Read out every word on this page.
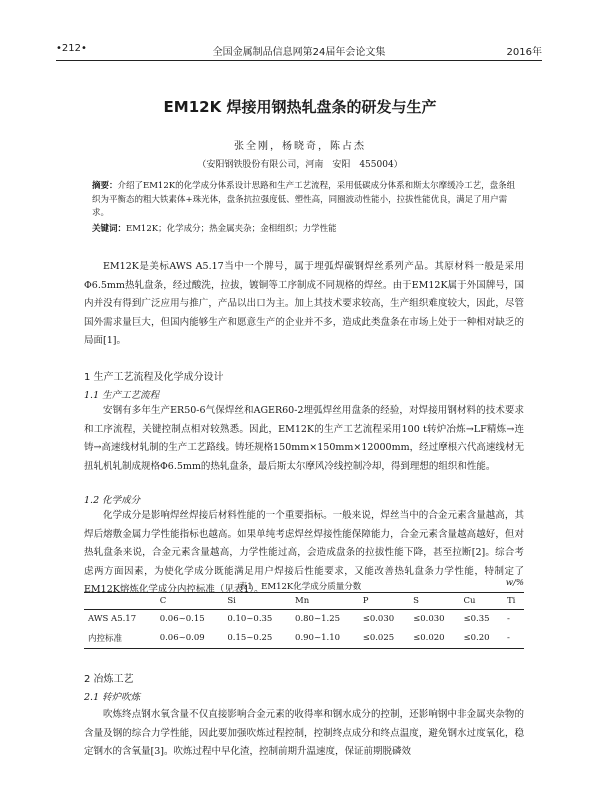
•212•	全国金属制品信息网第24届年会论文集	2016年
EM12K 焊接用钢热轧盘条的研发与生产
张全刚，杨晓奇，陈占杰
（安阳钢铁股份有限公司，河南　安阳　455004）
摘要：介绍了EM12K的化学成分体系设计思路和生产工艺流程，采用低碳成分体系和斯太尔摩缓冷工艺，盘条组织为平衡态的粗大铁素体+珠光体，盘条抗拉强度低、塑性高，同圈波动性能小，拉拔性能优良，满足了用户需求。
关键词：EM12K；化学成分；热金属夹杂；金相组织；力学性能
EM12K是美标AWS A5.17当中一个牌号，属于埋弧焊碳钢焊丝系列产品。其原材料一般是采用Φ6.5mm热轧盘条，经过酸洗，拉拔，镀铜等工序制成不同规格的焊丝。由于EM12K属于外国牌号，国内并没有得到广泛应用与推广，产品以出口为主。加上其技术要求较高，生产组织难度较大，因此，尽管国外需求量巨大，但国内能够生产和愿意生产的企业并不多，造成此类盘条在市场上处于一种相对缺乏的局面[1]。
1 生产工艺流程及化学成分设计
1.1 生产工艺流程
安钢有多年生产ER50-6气保焊丝和AGER60-2埋弧焊丝用盘条的经验，对焊接用钢材料的技术要求和工序流程，关键控制点相对较熟悉。因此，EM12K的生产工艺流程采用100 t转炉冶炼→LF精炼→连铸→高速线材轧制的生产工艺路线。铸坯规格150mm×150mm×12000mm，经过摩根六代高速线材无扭轧机轧制成规格Φ6.5mm的热轧盘条，最后斯太尔摩风冷线控制冷却，得到理想的组织和性能。
1.2 化学成分
化学成分是影响焊丝焊接后材料性能的一个重要指标。一般来说，焊丝当中的合金元素含量越高，其焊后熔敷金属力学性能指标也越高。如果单纯考虑焊丝焊接性能保障能力，合金元素含量越高越好，但对热轧盘条来说，合金元素含量越高，力学性能过高，会造成盘条的拉拔性能下降，甚至拉断[2]。综合考虑两方面因素，为使化学成分既能满足用户焊接后性能要求，又能改善热轧盘条力学性能，特制定了EM12K熔炼化学成分内控标准（见表1）。
表1　EM12K化学成分质量分数	w/%
	C	Si	Mn	P	S	Cu	Ti
AWS A5.17	0.06~0.15	0.10~0.35	0.80~1.25	≤0.030	≤0.030	≤0.35	-
内控标准	0.06~0.09	0.15~0.25	0.90~1.10	≤0.025	≤0.020	≤0.20	-
2 冶炼工艺
2.1 转炉吹炼
吹炼终点钢水氧含量不仅直接影响合金元素的收得率和钢水成分的控制，还影响钢中非金属夹杂物的含量及钢的综合力学性能，因此要加强吹炼过程控制，控制终点成分和终点温度，避免钢水过度氧化，稳定钢水的含氧量[3]。吹炼过程中早化渣，控制前期升温速度，保证前期脱磷效
